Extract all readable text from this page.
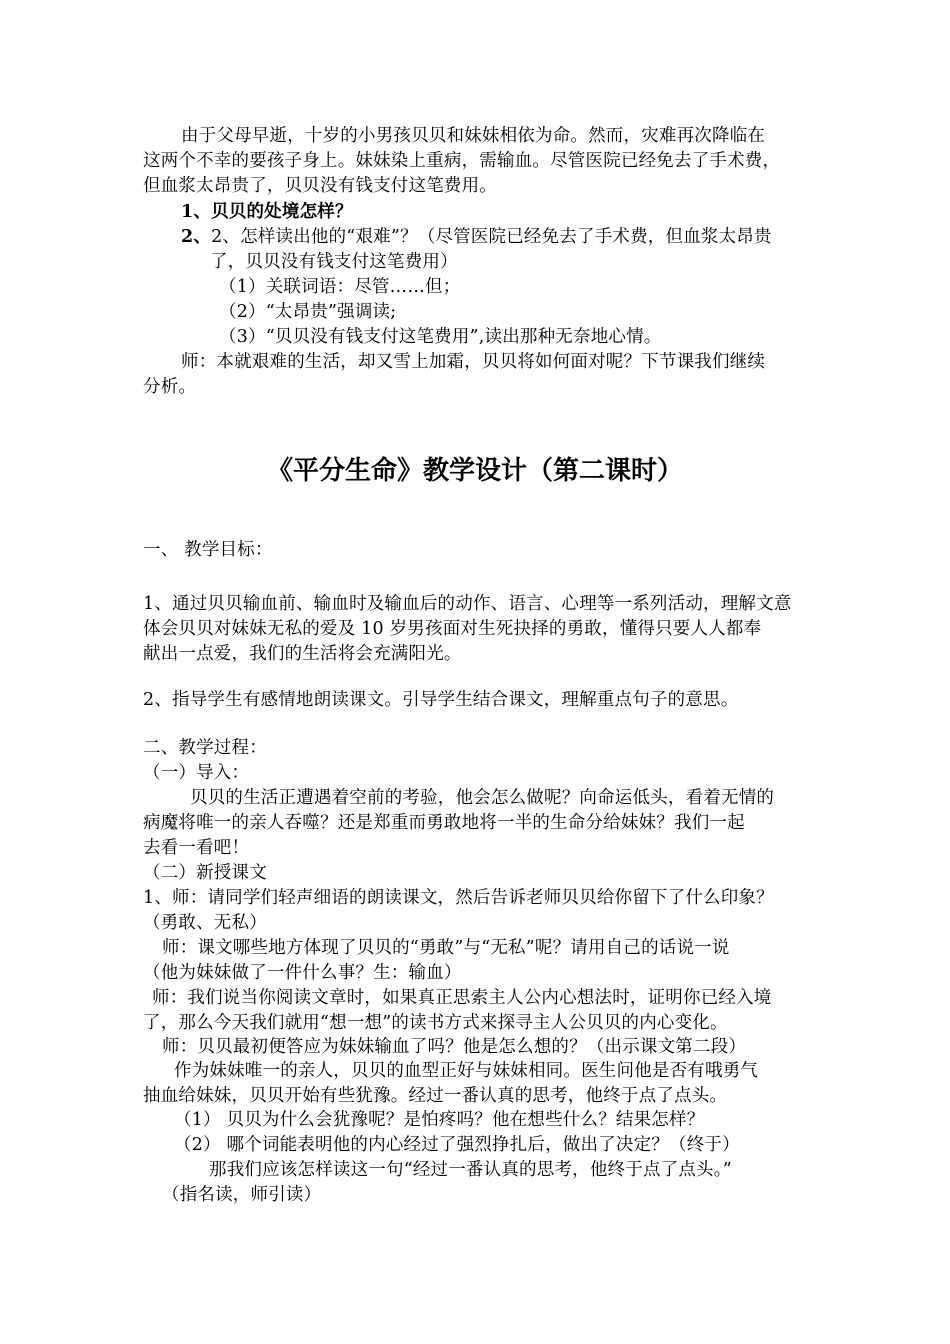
由于父母早逝，十岁的小男孩贝贝和妹妹相依为命。然而，灾难再次降临在
这两个不幸的要孩子身上。妹妹染上重病，需输血。尽管医院已经免去了手术费，
但血浆太昂贵了，贝贝没有钱支付这笔费用。
1、贝贝的处境怎样？
2、2、怎样读出他的“艰难”？（尽管医院已经免去了手术费，但血浆太昂贵
了，贝贝没有钱支付这笔费用）
（1）关联词语：尽管……但；
（2）“太昂贵”强调读;
（3）“贝贝没有钱支付这笔费用”,读出那种无奈地心情。
师：本就艰难的生活，却又雪上加霜，贝贝将如何面对呢？下节课我们继续
分析。
《平分生命》教学设计（第二课时）
一、 教学目标：
1、通过贝贝输血前、输血时及输血后的动作、语言、心理等一系列活动，理解文意
体会贝贝对妹妹无私的爱及 10 岁男孩面对生死抉择的勇敢，懂得只要人人都奉
献出一点爱，我们的生活将会充满阳光。
2、指导学生有感情地朗读课文。引导学生结合课文，理解重点句子的意思。
二、教学过程：
（一）导入：
贝贝的生活正遭遇着空前的考验，他会怎么做呢？向命运低头，看着无情的
病魔将唯一的亲人吞噬？还是郑重而勇敢地将一半的生命分给妹妹？我们一起
去看一看吧！
（二）新授课文
1、师：请同学们轻声细语的朗读课文，然后告诉老师贝贝给你留下了什么印象？
（勇敢、无私）
师：课文哪些地方体现了贝贝的“勇敢”与“无私”呢？请用自己的话说一说
（他为妹妹做了一件什么事？生：输血）
师：我们说当你阅读文章时，如果真正思索主人公内心想法时，证明你已经入境
了，那么今天我们就用“想一想”的读书方式来探寻主人公贝贝的内心变化。
师：贝贝最初便答应为妹妹输血了吗？他是怎么想的？（出示课文第二段）
作为妹妹唯一的亲人，贝贝的血型正好与妹妹相同。医生问他是否有哦勇气
抽血给妹妹，贝贝开始有些犹豫。经过一番认真的思考，他终于点了点头。
（1） 贝贝为什么会犹豫呢？是怕疼吗？他在想些什么？结果怎样？
（2） 哪个词能表明他的内心经过了强烈挣扎后，做出了决定？（终于）
那我们应该怎样读这一句“经过一番认真的思考，他终于点了点头。”
（指名读，师引读）
